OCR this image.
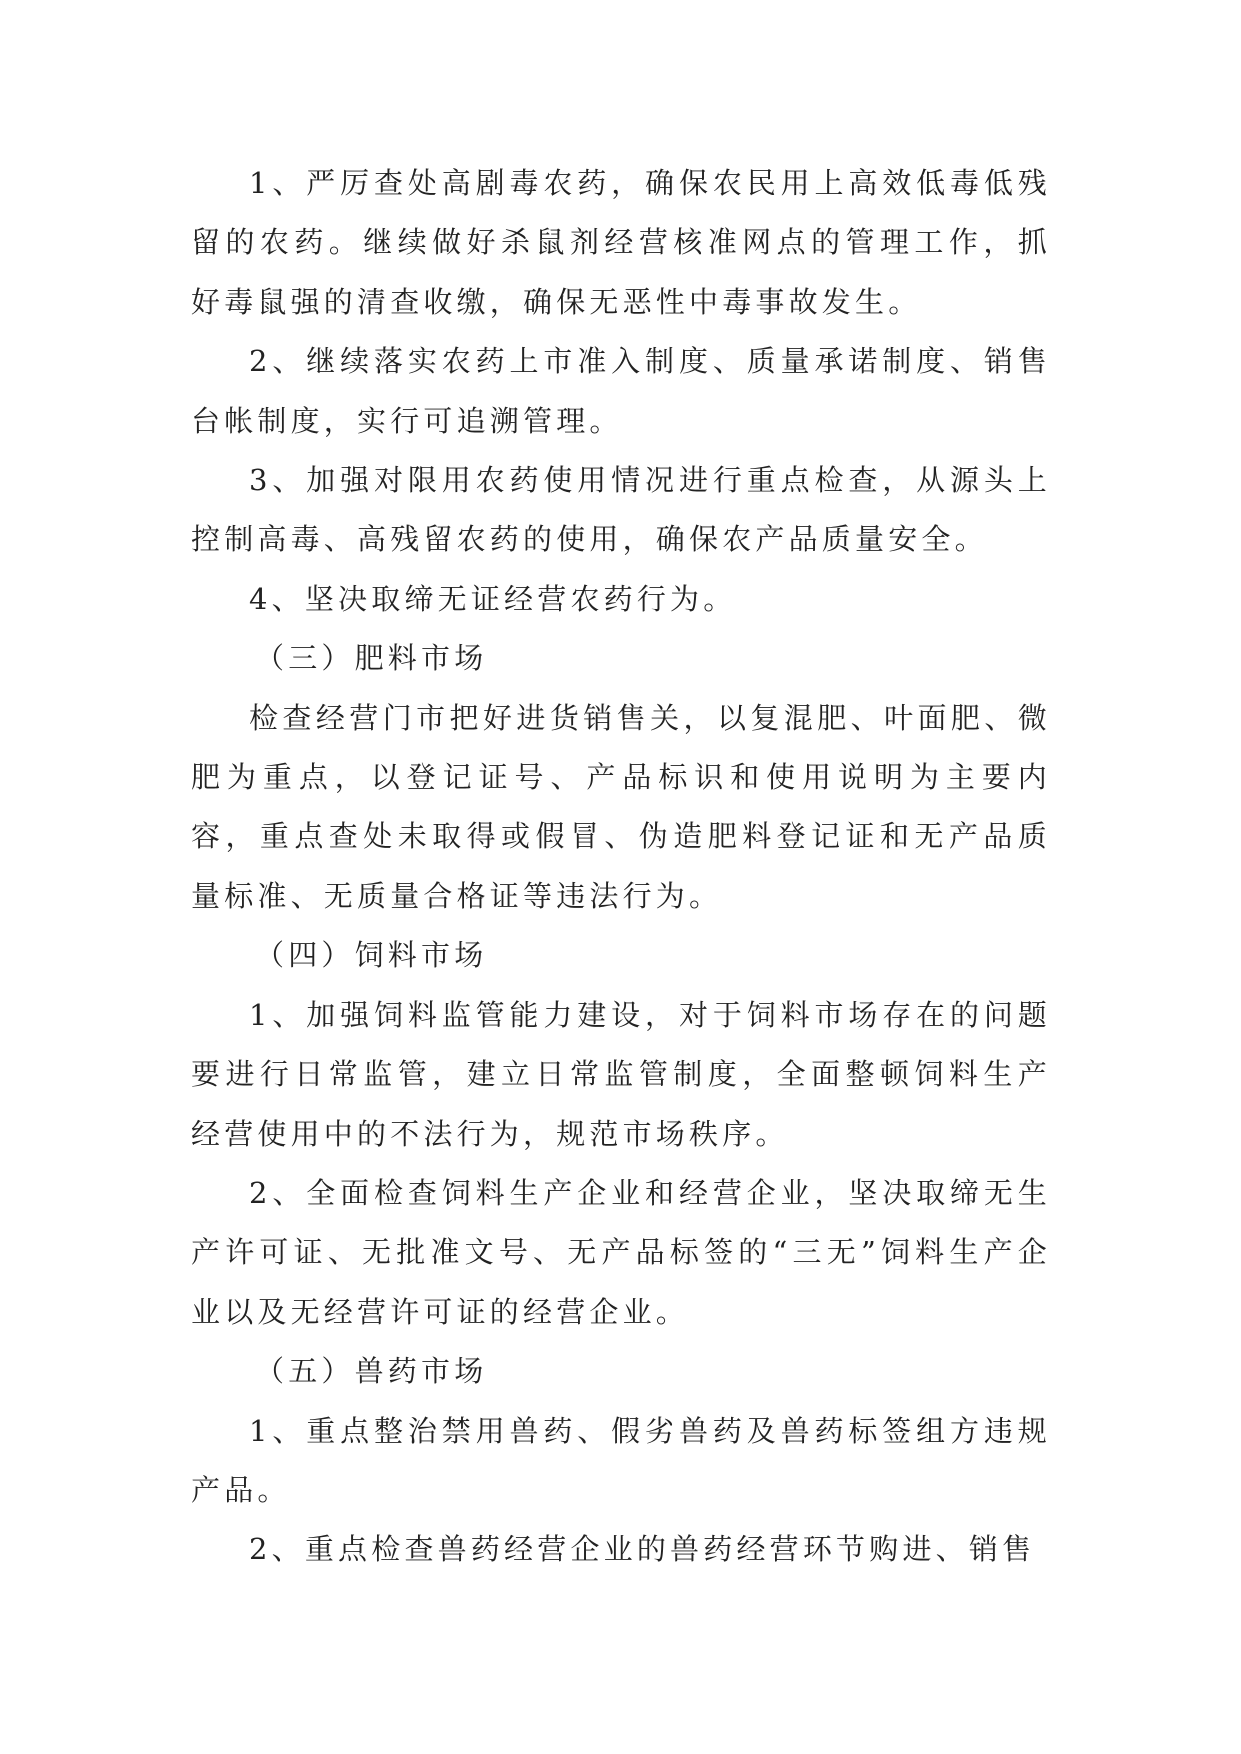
1、严厉查处高剧毒农药，确保农民用上高效低毒低残留的农药。继续做好杀鼠剂经营核准网点的管理工作，抓好毒鼠强的清查收缴，确保无恶性中毒事故发生。

2、继续落实农药上市准入制度、质量承诺制度、销售台帐制度，实行可追溯管理。

3、加强对限用农药使用情况进行重点检查，从源头上控制高毒、高残留农药的使用，确保农产品质量安全。

4、坚决取缔无证经营农药行为。

（三）肥料市场

检查经营门市把好进货销售关，以复混肥、叶面肥、微肥为重点，以登记证号、产品标识和使用说明为主要内容，重点查处未取得或假冒、伪造肥料登记证和无产品质量标准、无质量合格证等违法行为。

（四）饲料市场

1、加强饲料监管能力建设，对于饲料市场存在的问题要进行日常监管，建立日常监管制度，全面整顿饲料生产经营使用中的不法行为，规范市场秩序。

2、全面检查饲料生产企业和经营企业，坚决取缔无生产许可证、无批准文号、无产品标签的“三无”饲料生产企业以及无经营许可证的经营企业。

（五）兽药市场

1、重点整治禁用兽药、假劣兽药及兽药标签组方违规产品。

2、重点检查兽药经营企业的兽药经营环节购进、销售
